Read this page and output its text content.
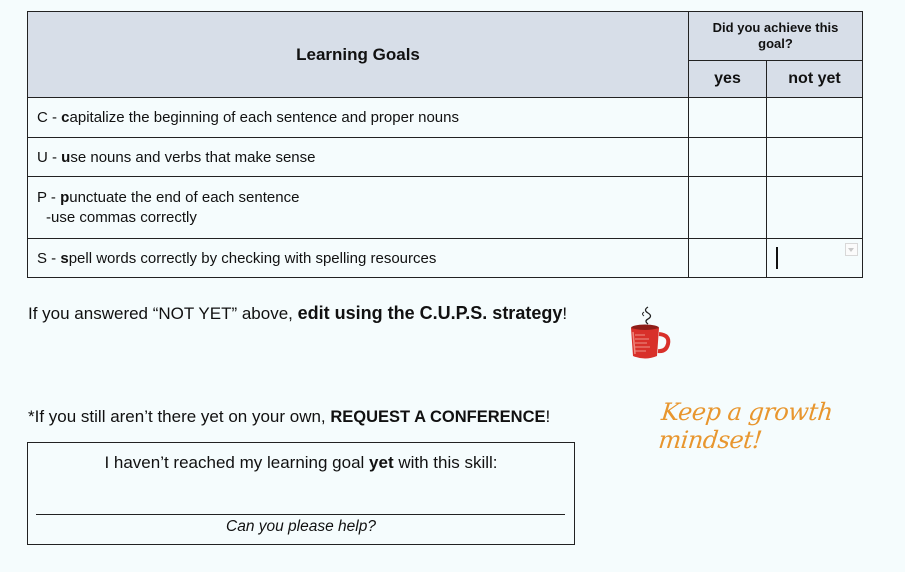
Learning Goals	Did you achieve this goal?	
	yes	not yet
C - capitalize the beginning of each sentence and proper nouns		
U - use nouns and verbs that make sense		
P - punctuate the end of each sentence
-use commas correctly		

S - spell words correctly by checking with spelling resources		
If you answered “NOT YET” above, edit using the C.U.P.S. strategy!
*If you still aren’t there yet on your own, REQUEST A CONFERENCE!	Keep a growth mindset!
I haven’t reached my learning goal yet with this skill:
Can you please help?
